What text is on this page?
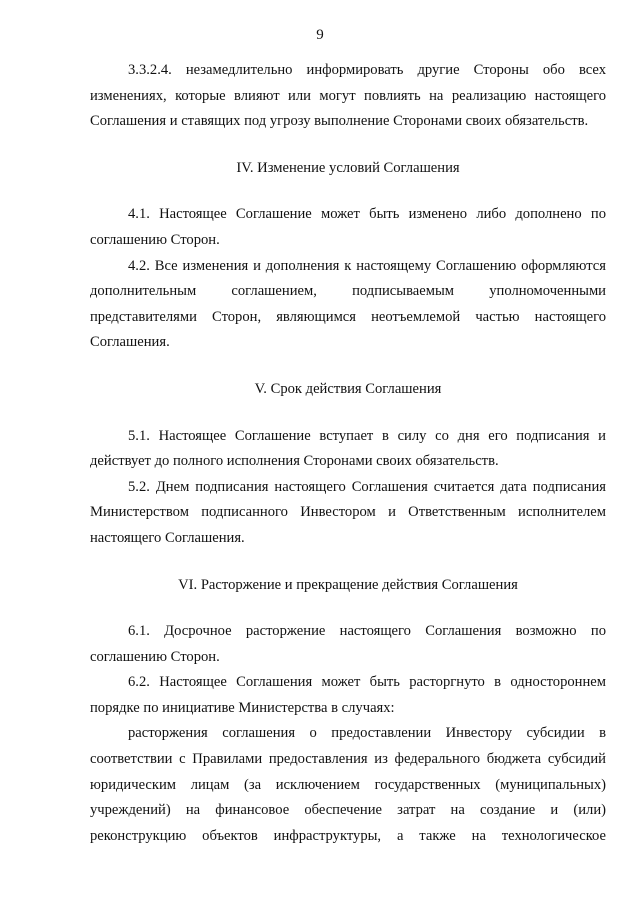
9

3.3.2.4. незамедлительно информировать другие Стороны обо всех изменениях, которые влияют или могут повлиять на реализацию настоящего Соглашения и ставящих под угрозу выполнение Сторонами своих обязательств.

IV. Изменение условий Соглашения

4.1. Настоящее Соглашение может быть изменено либо дополнено по соглашению Сторон.

4.2. Все изменения и дополнения к настоящему Соглашению оформляются дополнительным соглашением, подписываемым уполномоченными представителями Сторон, являющимся неотъемлемой частью настоящего Соглашения.

V. Срок действия Соглашения

5.1. Настоящее Соглашение вступает в силу со дня его подписания и действует до полного исполнения Сторонами своих обязательств.

5.2. Днем подписания настоящего Соглашения считается дата подписания Министерством подписанного Инвестором и Ответственным исполнителем настоящего Соглашения.

VI. Расторжение и прекращение действия Соглашения

6.1. Досрочное расторжение настоящего Соглашения возможно по соглашению Сторон.

6.2. Настоящее Соглашения может быть расторгнуто в одностороннем порядке по инициативе Министерства в случаях:

расторжения соглашения о предоставлении Инвестору субсидии в соответствии с Правилами предоставления из федерального бюджета субсидий юридическим лицам (за исключением государственных (муниципальных) учреждений) на финансовое обеспечение затрат на создание и (или) реконструкцию объектов инфраструктуры, а также на технологическое
